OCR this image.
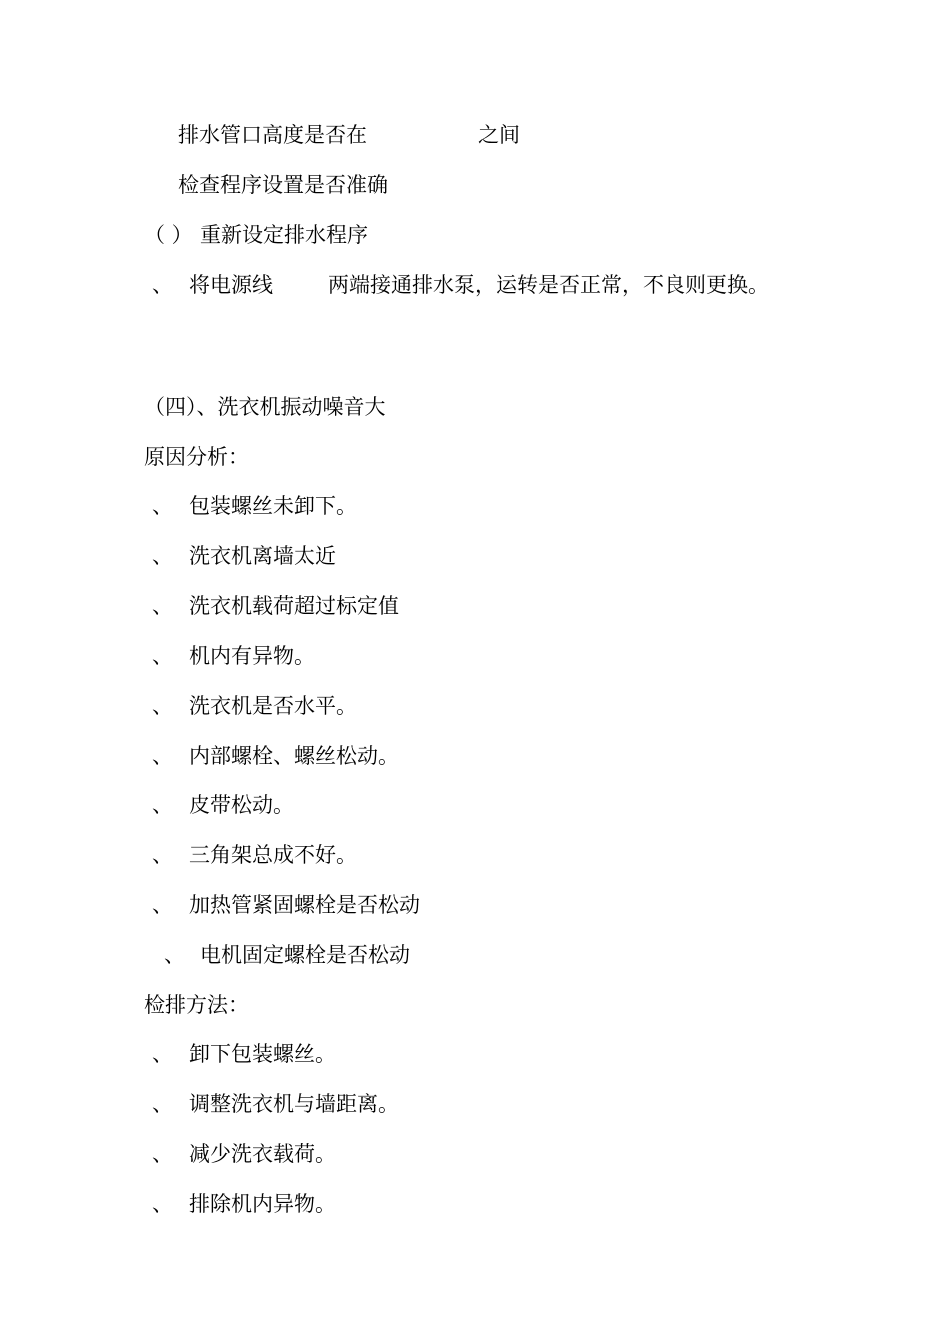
排水管口高度是否在	之间
检查程序设置是否准确
（ ） 重新设定排水程序
、 将电源线	两端接通排水泵，运转是否正常，不良则更换。
（四）、洗衣机振动噪音大
原因分析：
、 包装螺丝未卸下。
、 洗衣机离墙太近
、 洗衣机载荷超过标定值
、 机内有异物。
、 洗衣机是否水平。
、 内部螺栓、螺丝松动。
、 皮带松动。
、 三角架总成不好。
、 加热管紧固螺栓是否松动
、 电机固定螺栓是否松动
检排方法：
、 卸下包装螺丝。
、 调整洗衣机与墙距离。
、 减少洗衣载荷。
、 排除机内异物。
